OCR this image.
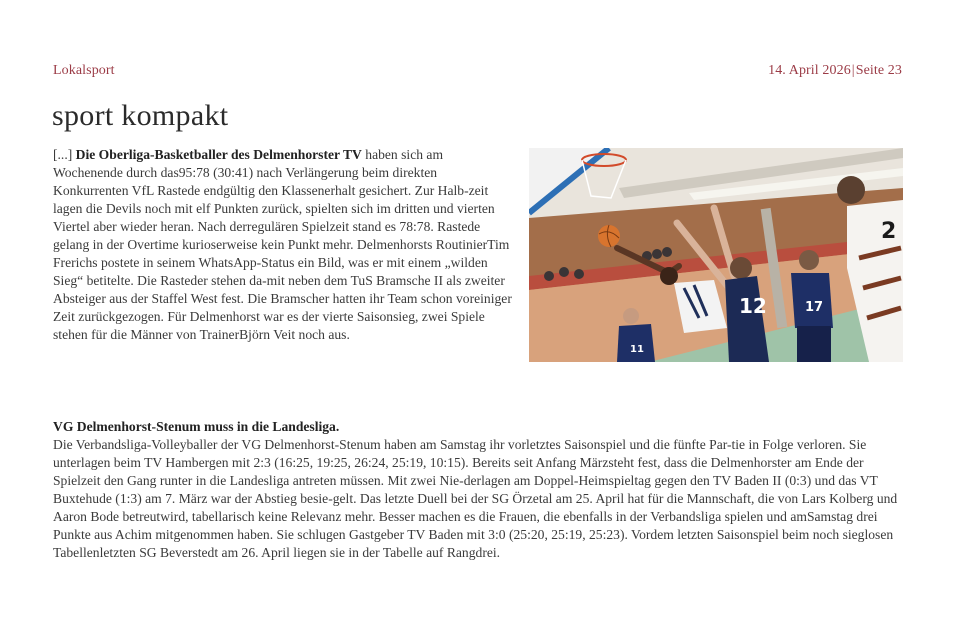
Lokalsport	14. April 2026|Seite 23
sport kompakt

[...] Die Oberliga-Basketballer des Delmenhorster TV haben sich am Wochenende durch das95:78 (30:41) nach Verlängerung beim direkten Konkurrenten VfL Rastede endgültig den Klassenerhalt gesichert. Zur Halb-zeit lagen die Devils noch mit elf Punkten zurück, spielten sich im dritten und vierten Viertel aber wieder heran. Nach derregulären Spielzeit stand es 78:78. Rastede gelang in der Overtime kurioserweise kein Punkt mehr. Delmenhorsts RoutinierTim Frerichs postete in seinem WhatsApp-Status ein Bild, was er mit einem „wilden Sieg“ betitelte. Die Rasteder stehen da-mit neben dem TuS Bramsche II als zweiter Absteiger aus der Staffel West fest. Die Bramscher hatten ihr Team schon voreiniger Zeit zurückgezogen. Für Delmenhorst war es der vierte Saisonsieg, zwei Spiele stehen für die Männer von TrainerBjörn Veit noch aus.

12	17
11
2

VG Delmenhorst-Stenum muss in die Landesliga.
Die Verbandsliga-Volleyballer der VG Delmenhorst-Stenum haben am Samstag ihr vorletztes Saisonspiel und die fünfte Par-tie in Folge verloren. Sie unterlagen beim TV Hambergen mit 2:3 (16:25, 19:25, 26:24, 25:19, 10:15). Bereits seit Anfang Märzsteht fest, dass die Delmenhorster am Ende der Spielzeit den Gang runter in die Landesliga antreten müssen. Mit zwei Nie-derlagen am Doppel-Heimspieltag gegen den TV Baden II (0:3) und das VT Buxtehude (1:3) am 7. März war der Abstieg besie-gelt. Das letzte Duell bei der SG Örzetal am 25. April hat für die Mannschaft, die von Lars Kolberg und Aaron Bode betreutwird, tabellarisch keine Relevanz mehr. Besser machen es die Frauen, die ebenfalls in der Verbandsliga spielen und amSamstag drei Punkte aus Achim mitgenommen haben. Sie schlugen Gastgeber TV Baden mit 3:0 (25:20, 25:19, 25:23). Vordem letzten Saisonspiel beim noch sieglosen Tabellenletzten SG Beverstedt am 26. April liegen sie in der Tabelle auf Rangdrei.
